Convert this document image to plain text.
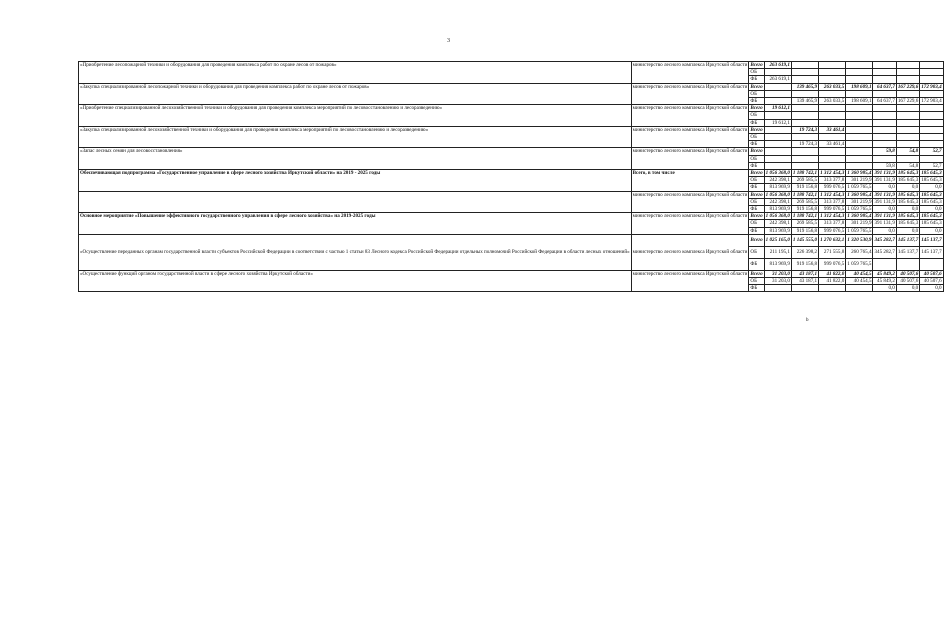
3
«Приобретение лесопожарной техники и оборудования для проведения комплекса работ по охране лесов от пожаров»	министерство лесного комплекса Иркутской области	Всего	263 619,1						
		ОБ							
		ФБ	263 619,1						
«Закупка специализированной лесопожарной техники и оборудования для проведения комплекса работ по охране лесов от пожаров»	министерство лесного комплекса Иркутской области	Всего		139 465,9	263 033,5	198 609,1	64 637,7	167 229,6	172 903,4
		ОБ							
		ФБ		139 465,9	263 033,5	198 609,1	64 637,7	167 229,6	172 903,4
«Приобретение специализированной лесохозяйственной техники и оборудования для проведения комплекса мероприятий по лесовосстановлению и лесоразведению»	министерство лесного комплекса Иркутской области	Всего	19 612,1						
		ОБ							
		ФБ	19 612,1						
«Закупка специализированной лесохозяйственной техники и оборудования для проведения комплекса мероприятий по лесовосстановлению и лесоразведению»	министерство лесного комплекса Иркутской области	Всего		19 724,3	33 461,4				
		ОБ							
		ФБ		19 724,3	33 461,4				
«Запас лесных семян для лесовосстановления»	министерство лесного комплекса Иркутской области	Всего					59,8	54,8	52,7
		ОБ							
		ФБ					59,8	54,8	52,7
Обеспечивающая подпрограмма «Государственное управление в сфере лесного хозяйства Иркутской области» на 2019 - 2025 годы	Всего, в том числе	Всего	1 056 368,0	1 188 742,1	1 312 454,3	1 360 985,4	391 131,9	185 645,3	185 645,3
		ОБ	242 398,1	269 585,5	313 377,8	301 219,9	391 131,9	185 645,3	185 645,3
		ФБ	813 969,9	919 156,8	999 076,5	1 059 765,5	0,0	0,0	0,0
	министерство лесного комплекса Иркутской области	Всего	1 056 368,0	1 188 742,1	1 312 454,3	1 360 985,4	391 131,9	185 645,3	185 645,3
		ОБ	242 398,1	269 585,5	313 377,8	301 219,9	391 131,9	185 645,3	185 645,3
		ФБ	813 969,9	919 156,8	999 076,5	1 059 765,5	0,0	0,0	0,0
Основное мероприятие «Повышение эффективного государственного управления в сфере лесного хозяйства» на 2019-2025 годы	министерство лесного комплекса Иркутской области	Всего	1 056 368,0	1 188 742,1	1 312 454,3	1 360 985,4	391 131,9	185 645,3	185 645,3
		ОБ	242 398,1	269 585,5	313 377,8	301 219,9	391 131,9	185 645,3	185 645,3
		ФБ	813 969,9	919 156,8	999 076,5	1 059 765,5	0,0	0,0	0,0
«Осуществление переданных органам государственной власти субъектов Российской Федерации в соответствии с частью 1 статьи 83 Лесного кодекса Российской Федерации отдельных полномочий Российской Федерации в области лесных отношений»	министерство лесного комплекса Иркутской области	Всего	1 025 165,0	1 145 555,0	1 270 632,1	1 320 530,9	345 282,7	145 137,7	145 137,7
		ОБ	211 195,1	226 398,2	271 555,8	260 765,4	345 282,7	145 137,7	145 137,7
		ФБ	813 969,9	919 156,8	999 076,5	1 059 765,5			
«Осуществление функций органом государственной власти в сфере лесного хозяйства Иркутской области»	министерство лесного комплекса Иркутской области	Всего	31 203,0	43 187,1	41 822,0	40 454,5	45 849,2	40 507,6	40 507,6
		ОБ	31 203,0	43 187,1	41 822,0	40 454,5	45 849,2	40 507,6	40 507,6
		ФБ					0,0	0,0	0,0
b
